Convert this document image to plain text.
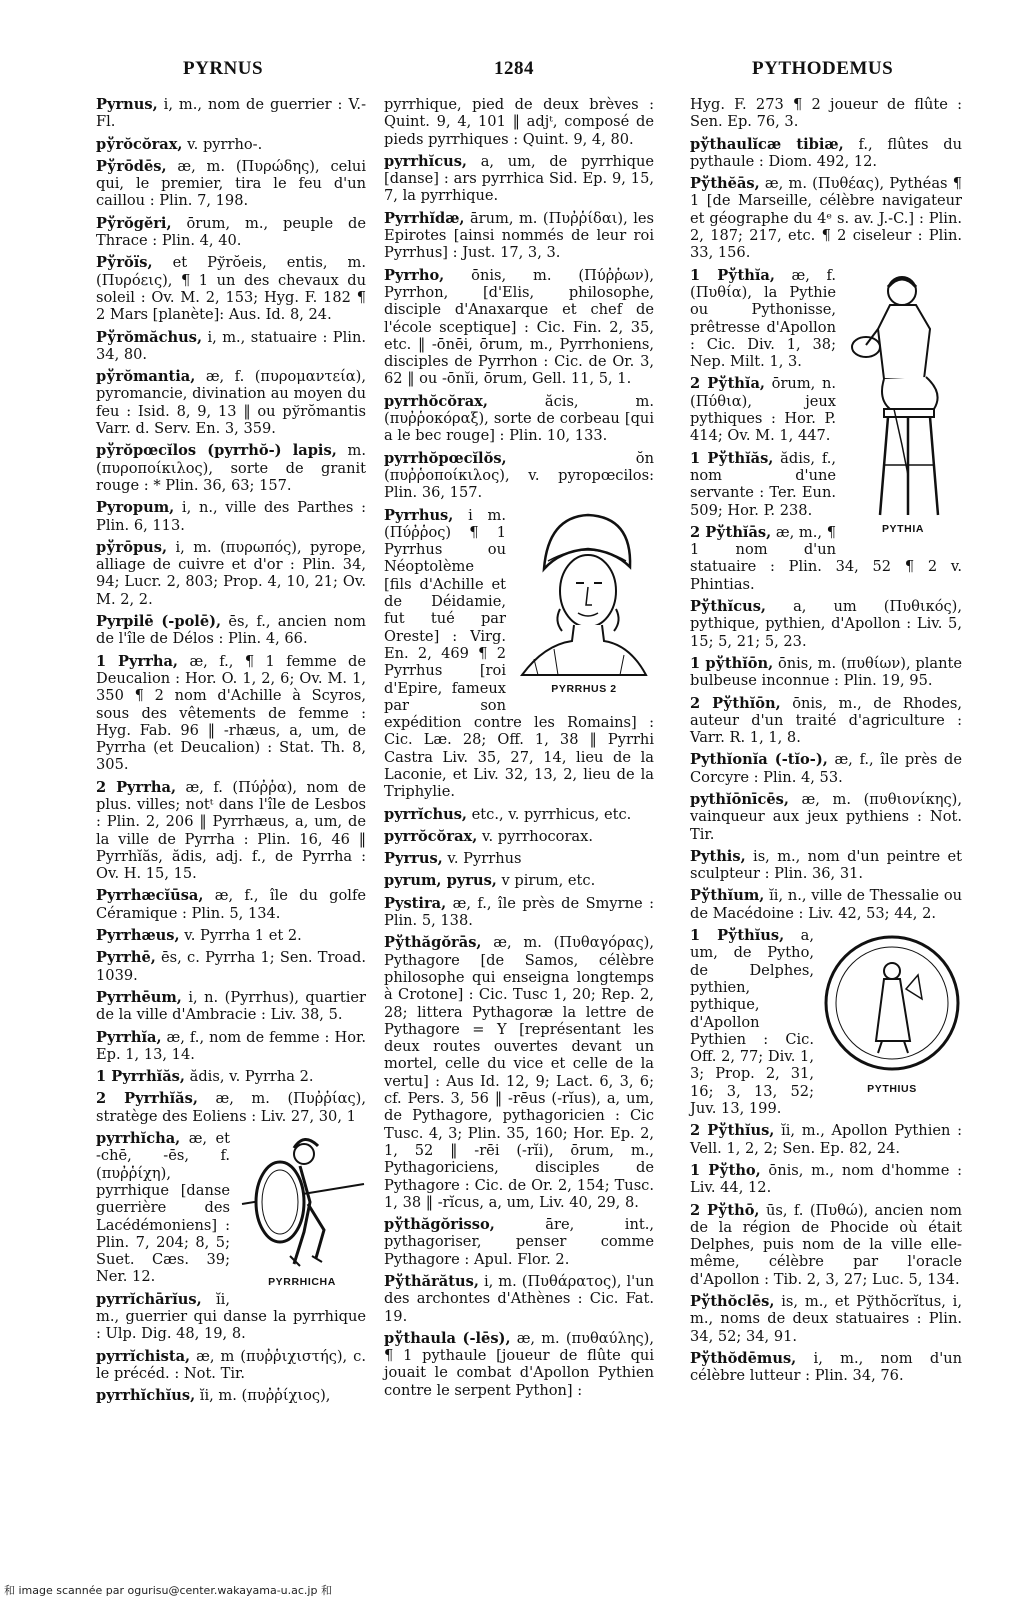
PYRNUS	1284	PYTHODEMUS

Pyrnus, i, m., nom de guerrier : V.-Fl.

pўrŏcŏrax, v. pyrrho-.

Pўrōdēs, æ, m. (Πυρώδης), celui qui, le premier, tira le feu d'un caillou : Plin. 7, 198.

Pўrŏgĕri, ōrum, m., peuple de Thrace : Plin. 4, 40.

Pўrŏïs, et Pўrŏeis, entis, m. (Πυρόεις), ¶ 1 un des chevaux du soleil : Ov. M. 2, 153; Hyg. F. 182 ¶ 2 Mars [planète]: Aus. Id. 8, 24.

Pўrŏmăchus, i, m., statuaire : Plin. 34, 80.

pўrŏmantia, æ, f. (πυρομαντεία), pyromancie, divination au moyen du feu : Isid. 8, 9, 13 ‖ ou pўrŏmantis Varr. d. Serv. En. 3, 359.

pўrŏpœcĭlos (pyrrhŏ-) lapis, m. (πυροποίκιλος), sorte de granit rouge : * Plin. 36, 63; 157.

Pyropum, i, n., ville des Parthes : Plin. 6, 113.

pўrōpus, i, m. (πυρωπός), pyrope, alliage de cuivre et d'or : Plin. 34, 94; Lucr. 2, 803; Prop. 4, 10, 21; Ov. M. 2, 2.

Pyrpilē (-polē), ēs, f., ancien nom de l'île de Délos : Plin. 4, 66.

1 Pyrrha, æ, f., ¶ 1 femme de Deucalion : Hor. O. 1, 2, 6; Ov. M. 1, 350 ¶ 2 nom d'Achille à Scyros, sous des vêtements de femme : Hyg. Fab. 96 ‖ -rhæus, a, um, de Pyrrha (et Deucalion) : Stat. Th. 8, 305.

2 Pyrrha, æ, f. (Πύῤῥα), nom de plus. villes; notᵗ dans l'île de Lesbos : Plin. 2, 206 ‖ Pyrrhæus, a, um, de la ville de Pyrrha : Plin. 16, 46 ‖ Pyrrhĭăs, ădis, adj. f., de Pyrrha : Ov. H. 15, 15.

Pyrrhæcĭūsa, æ, f., île du golfe Céramique : Plin. 5, 134.

Pyrrhæus, v. Pyrrha 1 et 2.

Pyrrhē, ēs, c. Pyrrha 1; Sen. Troad. 1039.

Pyrrhēum, i, n. (Pyrrhus), quartier de la ville d'Ambracie : Liv. 38, 5.

Pyrrhĭa, æ, f., nom de femme : Hor. Ep. 1, 13, 14.

1 Pyrrhĭăs, ădis, v. Pyrrha 2.

2 Pyrrhĭăs, æ, m. (Πυῤῥίας), stratège des Eoliens : Liv. 27, 30, 1

PYRRHICHA
pyrrhĭcha, æ, et -chē, -ēs, f. (πυῤῥίχη), pyrrhique [danse guerrière des Lacédémoniens] : Plin. 7, 204; 8, 5; Suet. Cæs. 39; Ner. 12.

pyrrĭchārĭus, ĭi, m., guerrier qui danse la pyrrhique : Ulp. Dig. 48, 19, 8.

pyrrĭchista, æ, m (πυῤῥιχιστής), c. le précéd. : Not. Tir.

pyrrhĭchĭus, ĭi, m. (πυῤῥίχιος),

pyrrhique, pied de deux brèves : Quint. 9, 4, 101 ‖ adjᵗ, composé de pieds pyrrhiques : Quint. 9, 4, 80.

pyrrhĭcus, a, um, de pyrrhique [danse] : ars pyrrhica Sid. Ep. 9, 15, 7, la pyrrhique.

Pyrrhĭdæ, ārum, m. (Πυῤῥίδαι), les Epirotes [ainsi nommés de leur roi Pyrrhus] : Just. 17, 3, 3.

Pyrrho, ōnis, m. (Πύῤῥων), Pyrrhon, [d'Elis, philosophe, disciple d'Anaxarque et chef de l'école sceptique] : Cic. Fin. 2, 35, etc. ‖ -ōnēi, ōrum, m., Pyrrhoniens, disciples de Pyrrhon : Cic. de Or. 3, 62 ‖ ou -ōnĭi, ōrum, Gell. 11, 5, 1.

pyrrhŏcŏrax, ăcis, m. (πυῤῥοκόραξ), sorte de corbeau [qui a le bec rouge] : Plin. 10, 133.

pyrrhŏpœcĭlŏs, ŏn (πυῤῥοποίκιλος), v. pyropœcilos: Plin. 36, 157.

PYRRHUS 2
Pyrrhus, i m. (Πύῤῥος) ¶ 1 Pyrrhus ou Néoptolème [fils d'Achille et de Déidamie, fut tué par Oreste] : Virg. En. 2, 469 ¶ 2 Pyrrhus [roi d'Epire, fameux par son expédition contre les Romains] : Cic. Læ. 28; Off. 1, 38 ‖ Pyrrhi Castra Liv. 35, 27, 14, lieu de la Laconie, et Liv. 32, 13, 2, lieu de la Triphylie.

pyrrĭchus, etc., v. pyrrhicus, etc.

pyrrŏcŏrax, v. pyrrhocorax.

Pyrrus, v. Pyrrhus

pyrum, pyrus, v pirum, etc.

Pystira, æ, f., île près de Smyrne : Plin. 5, 138.

Pўthăgŏrās, æ, m. (Πυθαγόρας), Pythagore [de Samos, célèbre philosophe qui enseigna longtemps à Crotone] : Cic. Tusc 1, 20; Rep. 2, 28; littera Pythagoræ la lettre de Pythagore = Y [représentant les deux routes ouvertes devant un mortel, celle du vice et celle de la vertu] : Aus Id. 12, 9; Lact. 6, 3, 6; cf. Pers. 3, 56 ‖ -rēus (-rĭus), a, um, de Pythagore, pythagoricien : Cic Tusc. 4, 3; Plin. 35, 160; Hor. Ep. 2, 1, 52 ‖ -rēi (-rĭi), ōrum, m., Pythagoriciens, disciples de Pythagore : Cic. de Or. 2, 154; Tusc. 1, 38 ‖ -rĭcus, a, um, Liv. 40, 29, 8.

pўthăgŏrisso, āre, int., pythagoriser, penser comme Pythagore : Apul. Flor. 2.

Pўthărătus, i, m. (Πυθάρατος), l'un des archontes d'Athènes : Cic. Fat. 19.

pўthaula (-lēs), æ, m. (πυθαύλης), ¶ 1 pythaule [joueur de flûte qui jouait le combat d'Apollon Pythien contre le serpent Python] :

Hyg. F. 273 ¶ 2 joueur de flûte : Sen. Ep. 76, 3.

pўthaulĭcæ tibiæ, f., flûtes du pythaule : Diom. 492, 12.

Pўthĕās, æ, m. (Πυθέας), Pythéas ¶ 1 [de Marseille, célèbre navigateur et géographe du 4ᵉ s. av. J.-C.] : Plin. 2, 187; 217, etc. ¶ 2 ciseleur : Plin. 33, 156.

PYTHIA
1 Pўthĭa, æ, f. (Πυθία), la Pythie ou Pythonisse, prêtresse d'Apollon : Cic. Div. 1, 38; Nep. Milt. 1, 3.

2 Pўthĭa, ōrum, n. (Πύθια), jeux pythiques : Hor. P. 414; Ov. M. 1, 447.

1 Pўthĭăs, ădis, f., nom d'une servante : Ter. Eun. 509; Hor. P. 238.

2 Pўthĭās, æ, m., ¶ 1 nom d'un statuaire : Plin. 34, 52 ¶ 2 v. Phintias.

Pўthĭcus, a, um (Πυθικός), pythique, pythien, d'Apollon : Liv. 5, 15; 5, 21; 5, 23.

1 pўthĭōn, ōnis, m. (πυθίων), plante bulbeuse inconnue : Plin. 19, 95.

2 Pўthĭōn, ōnis, m., de Rhodes, auteur d'un traité d'agriculture : Varr. R. 1, 1, 8.

Pythĭonĭa (-tĭo-), æ, f., île près de Corcyre : Plin. 4, 53.

pythĭōnīcēs, æ, m. (πυθιονίκης), vainqueur aux jeux pythiens : Not. Tir.

Pythis, is, m., nom d'un peintre et sculpteur : Plin. 36, 31.

Pўthĭum, ĭi, n., ville de Thessalie ou de Macédoine : Liv. 42, 53; 44, 2.

PYTHIUS
1 Pўthĭus, a, um, de Pytho, de Delphes, pythien, pythique, d'Apollon Pythien : Cic. Off. 2, 77; Div. 1, 3; Prop. 2, 31, 16; 3, 13, 52; Juv. 13, 199.

2 Pўthĭus, ĭi, m., Apollon Pythien : Vell. 1, 2, 2; Sen. Ep. 82, 24.

1 Pўtho, ōnis, m., nom d'homme : Liv. 44, 12.

2 Pўthō, ūs, f. (Πυθώ), ancien nom de la région de Phocide où était Delphes, puis nom de la ville elle-même, célèbre par l'oracle d'Apollon : Tib. 2, 3, 27; Luc. 5, 134.

Pўthŏclēs, is, m., et Pўthŏcrĭtus, i, m., noms de deux statuaires : Plin. 34, 52; 34, 91.

Pўthŏdēmus, i, m., nom d'un célèbre lutteur : Plin. 34, 76.

和 image scannée par ogurisu@center.wakayama-u.ac.jp 和
